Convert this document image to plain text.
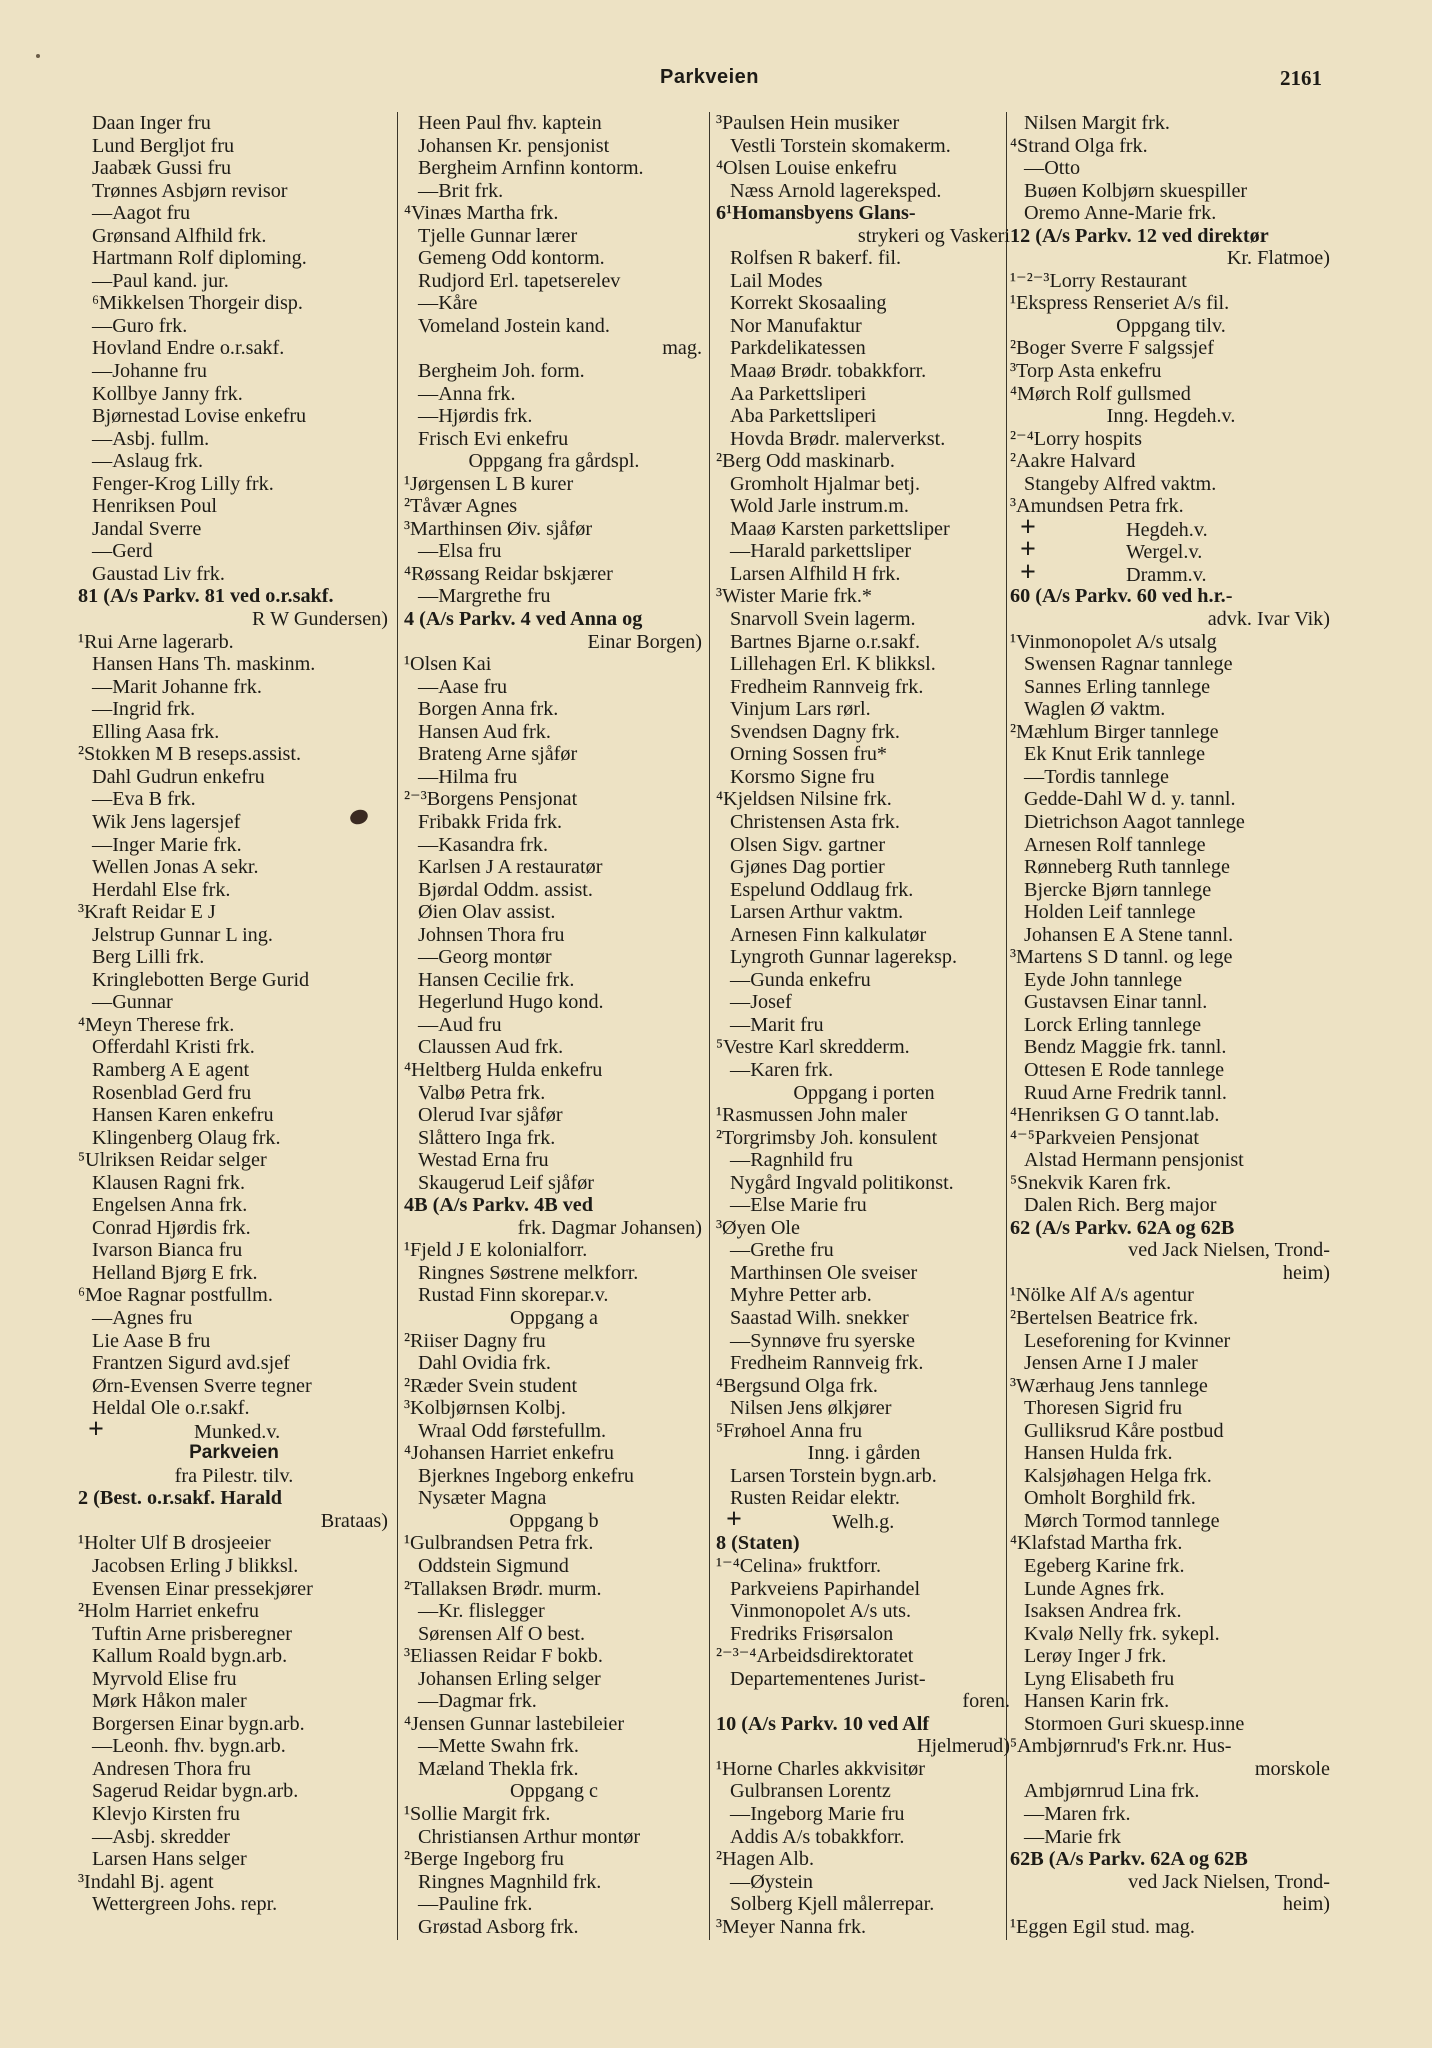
Parkveien	2161
Daan Inger fru
Lund Bergljot fru
Jaabæk Gussi fru
Trønnes Asbjørn revisor
—Aagot fru
Grønsand Alfhild frk.
Hartmann Rolf diploming.
—Paul kand. jur.
⁶Mikkelsen Thorgeir disp.
—Guro frk.
Hovland Endre o.r.sakf.
—Johanne fru
Kollbye Janny frk.
Bjørnestad Lovise enkefru
—Asbj. fullm.
—Aslaug frk.
Fenger-Krog Lilly frk.
Henriksen Poul
Jandal Sverre
—Gerd
Gaustad Liv frk.
81 (A/s Parkv. 81 ved o.r.sakf.
R W Gundersen)
¹Rui Arne lagerarb.
Hansen Hans Th. maskinm.
—Marit Johanne frk.
—Ingrid frk.
Elling Aasa frk.
²Stokken M B reseps.assist.
Dahl Gudrun enkefru
—Eva B frk.
Wik Jens lagersjef
—Inger Marie frk.
Wellen Jonas A sekr.
Herdahl Else frk.
³Kraft Reidar E J
Jelstrup Gunnar L ing.
Berg Lilli frk.
Kringlebotten Berge Gurid
—Gunnar
⁴Meyn Therese frk.
Offerdahl Kristi frk.
Ramberg A E agent
Rosenblad Gerd fru
Hansen Karen enkefru
Klingenberg Olaug frk.
⁵Ulriksen Reidar selger
Klausen Ragni frk.
Engelsen Anna frk.
Conrad Hjørdis frk.
Ivarson Bianca fru
Helland Bjørg E frk.
⁶Moe Ragnar postfullm.
—Agnes fru
Lie Aase B fru
Frantzen Sigurd avd.sjef
Ørn-Evensen Sverre tegner
Heldal Ole o.r.sakf.
+	Munked.v.
Parkveien
fra Pilestr. tilv.
2 (Best. o.r.sakf. Harald
Brataas)
¹Holter Ulf B drosjeeier
Jacobsen Erling J blikksl.
Evensen Einar pressekjører
²Holm Harriet enkefru
Tuftin Arne prisberegner
Kallum Roald bygn.arb.
Myrvold Elise fru
Mørk Håkon maler
Borgersen Einar bygn.arb.
—Leonh. fhv. bygn.arb.
Andresen Thora fru
Sagerud Reidar bygn.arb.
Klevjo Kirsten fru
—Asbj. skredder
Larsen Hans selger
³Indahl Bj. agent
Wettergreen Johs. repr.
Heen Paul fhv. kaptein
Johansen Kr. pensjonist
Bergheim Arnfinn kontorm.
—Brit frk.
⁴Vinæs Martha frk.
Tjelle Gunnar lærer
Gemeng Odd kontorm.
Rudjord Erl. tapetserelev
—Kåre
Vomeland Jostein kand.
mag.
Bergheim Joh. form.
—Anna frk.
—Hjørdis frk.
Frisch Evi enkefru
Oppgang fra gårdspl.
¹Jørgensen L B kurer
²Tåvær Agnes
³Marthinsen Øiv. sjåfør
—Elsa fru
⁴Røssang Reidar bskjærer
—Margrethe fru
4 (A/s Parkv. 4 ved Anna og
Einar Borgen)
¹Olsen Kai
—Aase fru
Borgen Anna frk.
Hansen Aud frk.
Brateng Arne sjåfør
—Hilma fru
²⁻³Borgens Pensjonat
Fribakk Frida frk.
—Kasandra frk.
Karlsen J A restauratør
Bjørdal Oddm. assist.
Øien Olav assist.
Johnsen Thora fru
—Georg montør
Hansen Cecilie frk.
Hegerlund Hugo kond.
—Aud fru
Claussen Aud frk.
⁴Heltberg Hulda enkefru
Valbø Petra frk.
Olerud Ivar sjåfør
Slåttero Inga frk.
Westad Erna fru
Skaugerud Leif sjåfør
4B (A/s Parkv. 4B ved
frk. Dagmar Johansen)
¹Fjeld J E kolonialforr.
Ringnes Søstrene melkforr.
Rustad Finn skorepar.v.
Oppgang a
²Riiser Dagny fru
Dahl Ovidia frk.
²Ræder Svein student
³Kolbjørnsen Kolbj.
Wraal Odd førstefullm.
⁴Johansen Harriet enkefru
Bjerknes Ingeborg enkefru
Nysæter Magna
Oppgang b
¹Gulbrandsen Petra frk.
Oddstein Sigmund
²Tallaksen Brødr. murm.
—Kr. flislegger
Sørensen Alf O best.
³Eliassen Reidar F bokb.
Johansen Erling selger
—Dagmar frk.
⁴Jensen Gunnar lastebileier
—Mette Swahn frk.
Mæland Thekla frk.
Oppgang c
¹Sollie Margit frk.
Christiansen Arthur montør
²Berge Ingeborg fru
Ringnes Magnhild frk.
—Pauline frk.
Grøstad Asborg frk.
³Paulsen Hein musiker
Vestli Torstein skomakerm.
⁴Olsen Louise enkefru
Næss Arnold lagereksped.
6¹Homansbyens Glans-
strykeri og Vaskeri
Rolfsen R bakerf. fil.
Lail Modes
Korrekt Skosaaling
Nor Manufaktur
Parkdelikatessen
Maaø Brødr. tobakkforr.
Aa Parkettsliperi
Aba Parkettsliperi
Hovda Brødr. malerverkst.
²Berg Odd maskinarb.
Gromholt Hjalmar betj.
Wold Jarle instrum.m.
Maaø Karsten parkettsliper
—Harald parkettsliper
Larsen Alfhild H frk.
³Wister Marie frk.*
Snarvoll Svein lagerm.
Bartnes Bjarne o.r.sakf.
Lillehagen Erl. K blikksl.
Fredheim Rannveig frk.
Vinjum Lars rørl.
Svendsen Dagny frk.
Orning Sossen fru*
Korsmo Signe fru
⁴Kjeldsen Nilsine frk.
Christensen Asta frk.
Olsen Sigv. gartner
Gjønes Dag portier
Espelund Oddlaug frk.
Larsen Arthur vaktm.
Arnesen Finn kalkulatør
Lyngroth Gunnar lagereksp.
—Gunda enkefru
—Josef
—Marit fru
⁵Vestre Karl skredderm.
—Karen frk.
Oppgang i porten
¹Rasmussen John maler
²Torgrimsby Joh. konsulent
—Ragnhild fru
Nygård Ingvald politikonst.
—Else Marie fru
³Øyen Ole
—Grethe fru
Marthinsen Ole sveiser
Myhre Petter arb.
Saastad Wilh. snekker
—Synnøve fru syerske
Fredheim Rannveig frk.
⁴Bergsund Olga frk.
Nilsen Jens ølkjører
⁵Frøhoel Anna fru
Inng. i gården
Larsen Torstein bygn.arb.
Rusten Reidar elektr.
+	Welh.g.
8 (Staten)
¹⁻⁴Celina» fruktforr.
Parkveiens Papirhandel
Vinmonopolet A/s uts.
Fredriks Frisørsalon
²⁻³⁻⁴Arbeidsdirektoratet
Departementenes Jurist-
foren.
10 (A/s Parkv. 10 ved Alf
Hjelmerud)
¹Horne Charles akkvisitør
Gulbransen Lorentz
—Ingeborg Marie fru
Addis A/s tobakkforr.
²Hagen Alb.
—Øystein
Solberg Kjell målerrepar.
³Meyer Nanna frk.
Nilsen Margit frk.
⁴Strand Olga frk.
—Otto
Buøen Kolbjørn skuespiller
Oremo Anne-Marie frk.
12 (A/s Parkv. 12 ved direktør
Kr. Flatmoe)
¹⁻²⁻³Lorry Restaurant
¹Ekspress Renseriet A/s fil.
Oppgang tilv.
²Boger Sverre F salgssjef
³Torp Asta enkefru
⁴Mørch Rolf gullsmed
Inng. Hegdeh.v.
²⁻⁴Lorry hospits
²Aakre Halvard
Stangeby Alfred vaktm.
³Amundsen Petra frk.
+	Hegdeh.v.
+	Wergel.v.
+	Dramm.v.
60 (A/s Parkv. 60 ved h.r.-
advk. Ivar Vik)
¹Vinmonopolet A/s utsalg
Swensen Ragnar tannlege
Sannes Erling tannlege
Waglen Ø vaktm.
²Mæhlum Birger tannlege
Ek Knut Erik tannlege
—Tordis tannlege
Gedde-Dahl W d. y. tannl.
Dietrichson Aagot tannlege
Arnesen Rolf tannlege
Rønneberg Ruth tannlege
Bjercke Bjørn tannlege
Holden Leif tannlege
Johansen E A Stene tannl.
³Martens S D tannl. og lege
Eyde John tannlege
Gustavsen Einar tannl.
Lorck Erling tannlege
Bendz Maggie frk. tannl.
Ottesen E Rode tannlege
Ruud Arne Fredrik tannl.
⁴Henriksen G O tannt.lab.
⁴⁻⁵Parkveien Pensjonat
Alstad Hermann pensjonist
⁵Snekvik Karen frk.
Dalen Rich. Berg major
62 (A/s Parkv. 62A og 62B
ved Jack Nielsen, Trond-
heim)
¹Nölke Alf A/s agentur
²Bertelsen Beatrice frk.
Leseforening for Kvinner
Jensen Arne I J maler
³Wærhaug Jens tannlege
Thoresen Sigrid fru
Gulliksrud Kåre postbud
Hansen Hulda frk.
Kalsjøhagen Helga frk.
Omholt Borghild frk.
Mørch Tormod tannlege
⁴Klafstad Martha frk.
Egeberg Karine frk.
Lunde Agnes frk.
Isaksen Andrea frk.
Kvalø Nelly frk. sykepl.
Lerøy Inger J frk.
Lyng Elisabeth fru
Hansen Karin frk.
Stormoen Guri skuesp.inne
⁵Ambjørnrud's Frk.nr. Hus-
morskole
Ambjørnrud Lina frk.
—Maren frk.
—Marie frk
62B (A/s Parkv. 62A og 62B
ved Jack Nielsen, Trond-
heim)
¹Eggen Egil stud. mag.
